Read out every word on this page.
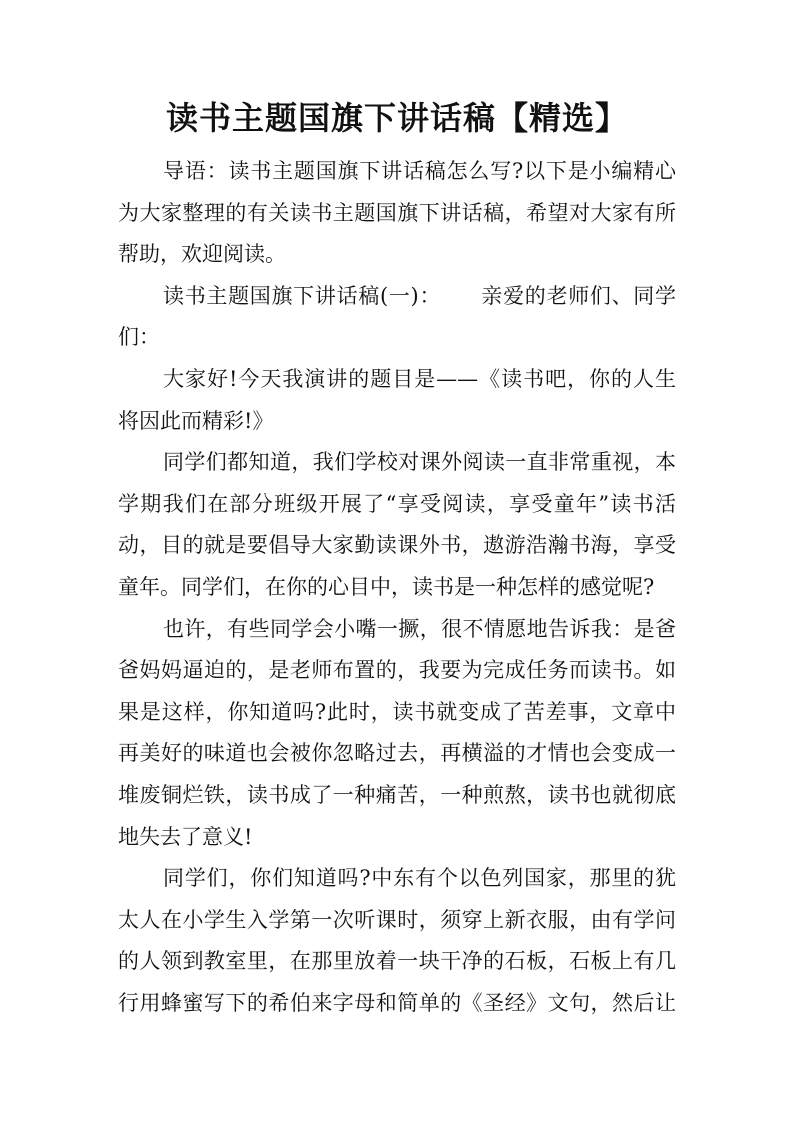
读书主题国旗下讲话稿【精选】
导语：读书主题国旗下讲话稿怎么写?以下是小编精心
为大家整理的有关读书主题国旗下讲话稿，希望对大家有所
帮助，欢迎阅读。
读书主题国旗下讲话稿(一)：　　 亲爱的老师们、同学
们：
大家好!今天我演讲的题目是——《读书吧，你的人生
将因此而精彩!》
同学们都知道，我们学校对课外阅读一直非常重视，本
学期我们在部分班级开展了“享受阅读，享受童年”读书活
动，目的就是要倡导大家勤读课外书，遨游浩瀚书海，享受
童年。同学们，在你的心目中，读书是一种怎样的感觉呢?
也许，有些同学会小嘴一撅，很不情愿地告诉我：是爸
爸妈妈逼迫的，是老师布置的，我要为完成任务而读书。如
果是这样，你知道吗?此时，读书就变成了苦差事，文章中
再美好的味道也会被你忽略过去，再横溢的才情也会变成一
堆废铜烂铁，读书成了一种痛苦，一种煎熬，读书也就彻底
地失去了意义!
同学们，你们知道吗?中东有个以色列国家，那里的犹
太人在小学生入学第一次听课时，须穿上新衣服，由有学问
的人领到教室里，在那里放着一块干净的石板，石板上有几
行用蜂蜜写下的希伯来字母和简单的《圣经》文句，然后让
